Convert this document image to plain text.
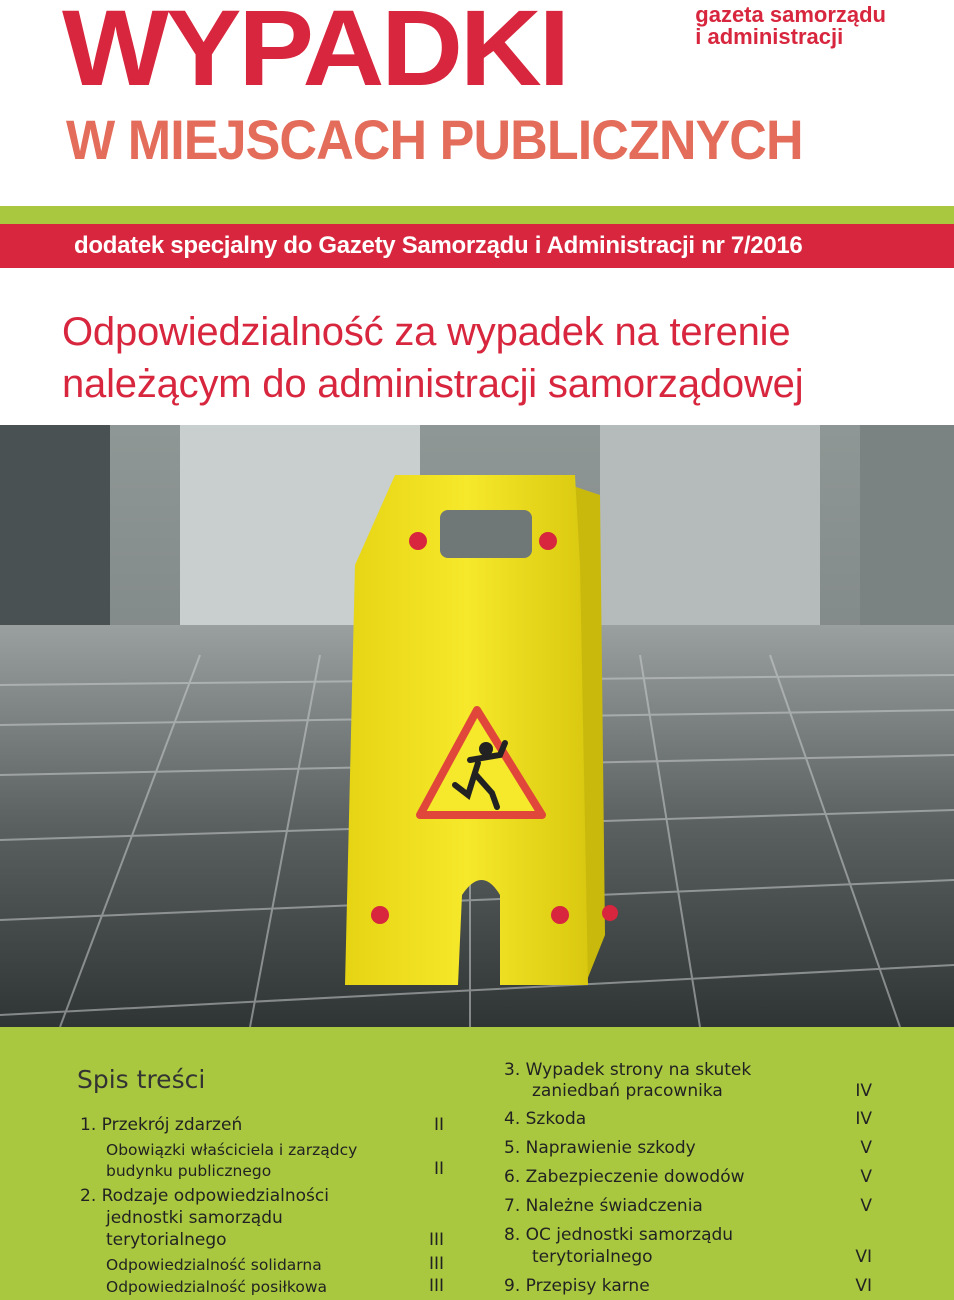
WYPADKI	gazeta samorządu
i administracji
W MIEJSCACH PUBLICZNYCH
dodatek specjalny do Gazety Samorządu i Administracji nr 7/2016
Odpowiedzialność za wypadek na terenie
należącym do administracji samorządowej
Spis treści
1. Przekrój zdarzeń	II
Obowiązki właściciela i zarządcy
budynku publicznego	II
2. Rodzaje odpowiedzialności
jednostki samorządu
terytorialnego	III
Odpowiedzialność solidarna	III
Odpowiedzialność posiłkowa	III
3. Wypadek strony na skutek
zaniedbań pracownika	IV
4. Szkoda	IV
5. Naprawienie szkody	V
6. Zabezpieczenie dowodów	V
7. Należne świadczenia	V
8. OC jednostki samorządu
terytorialnego	VI
9. Przepisy karne	VI
